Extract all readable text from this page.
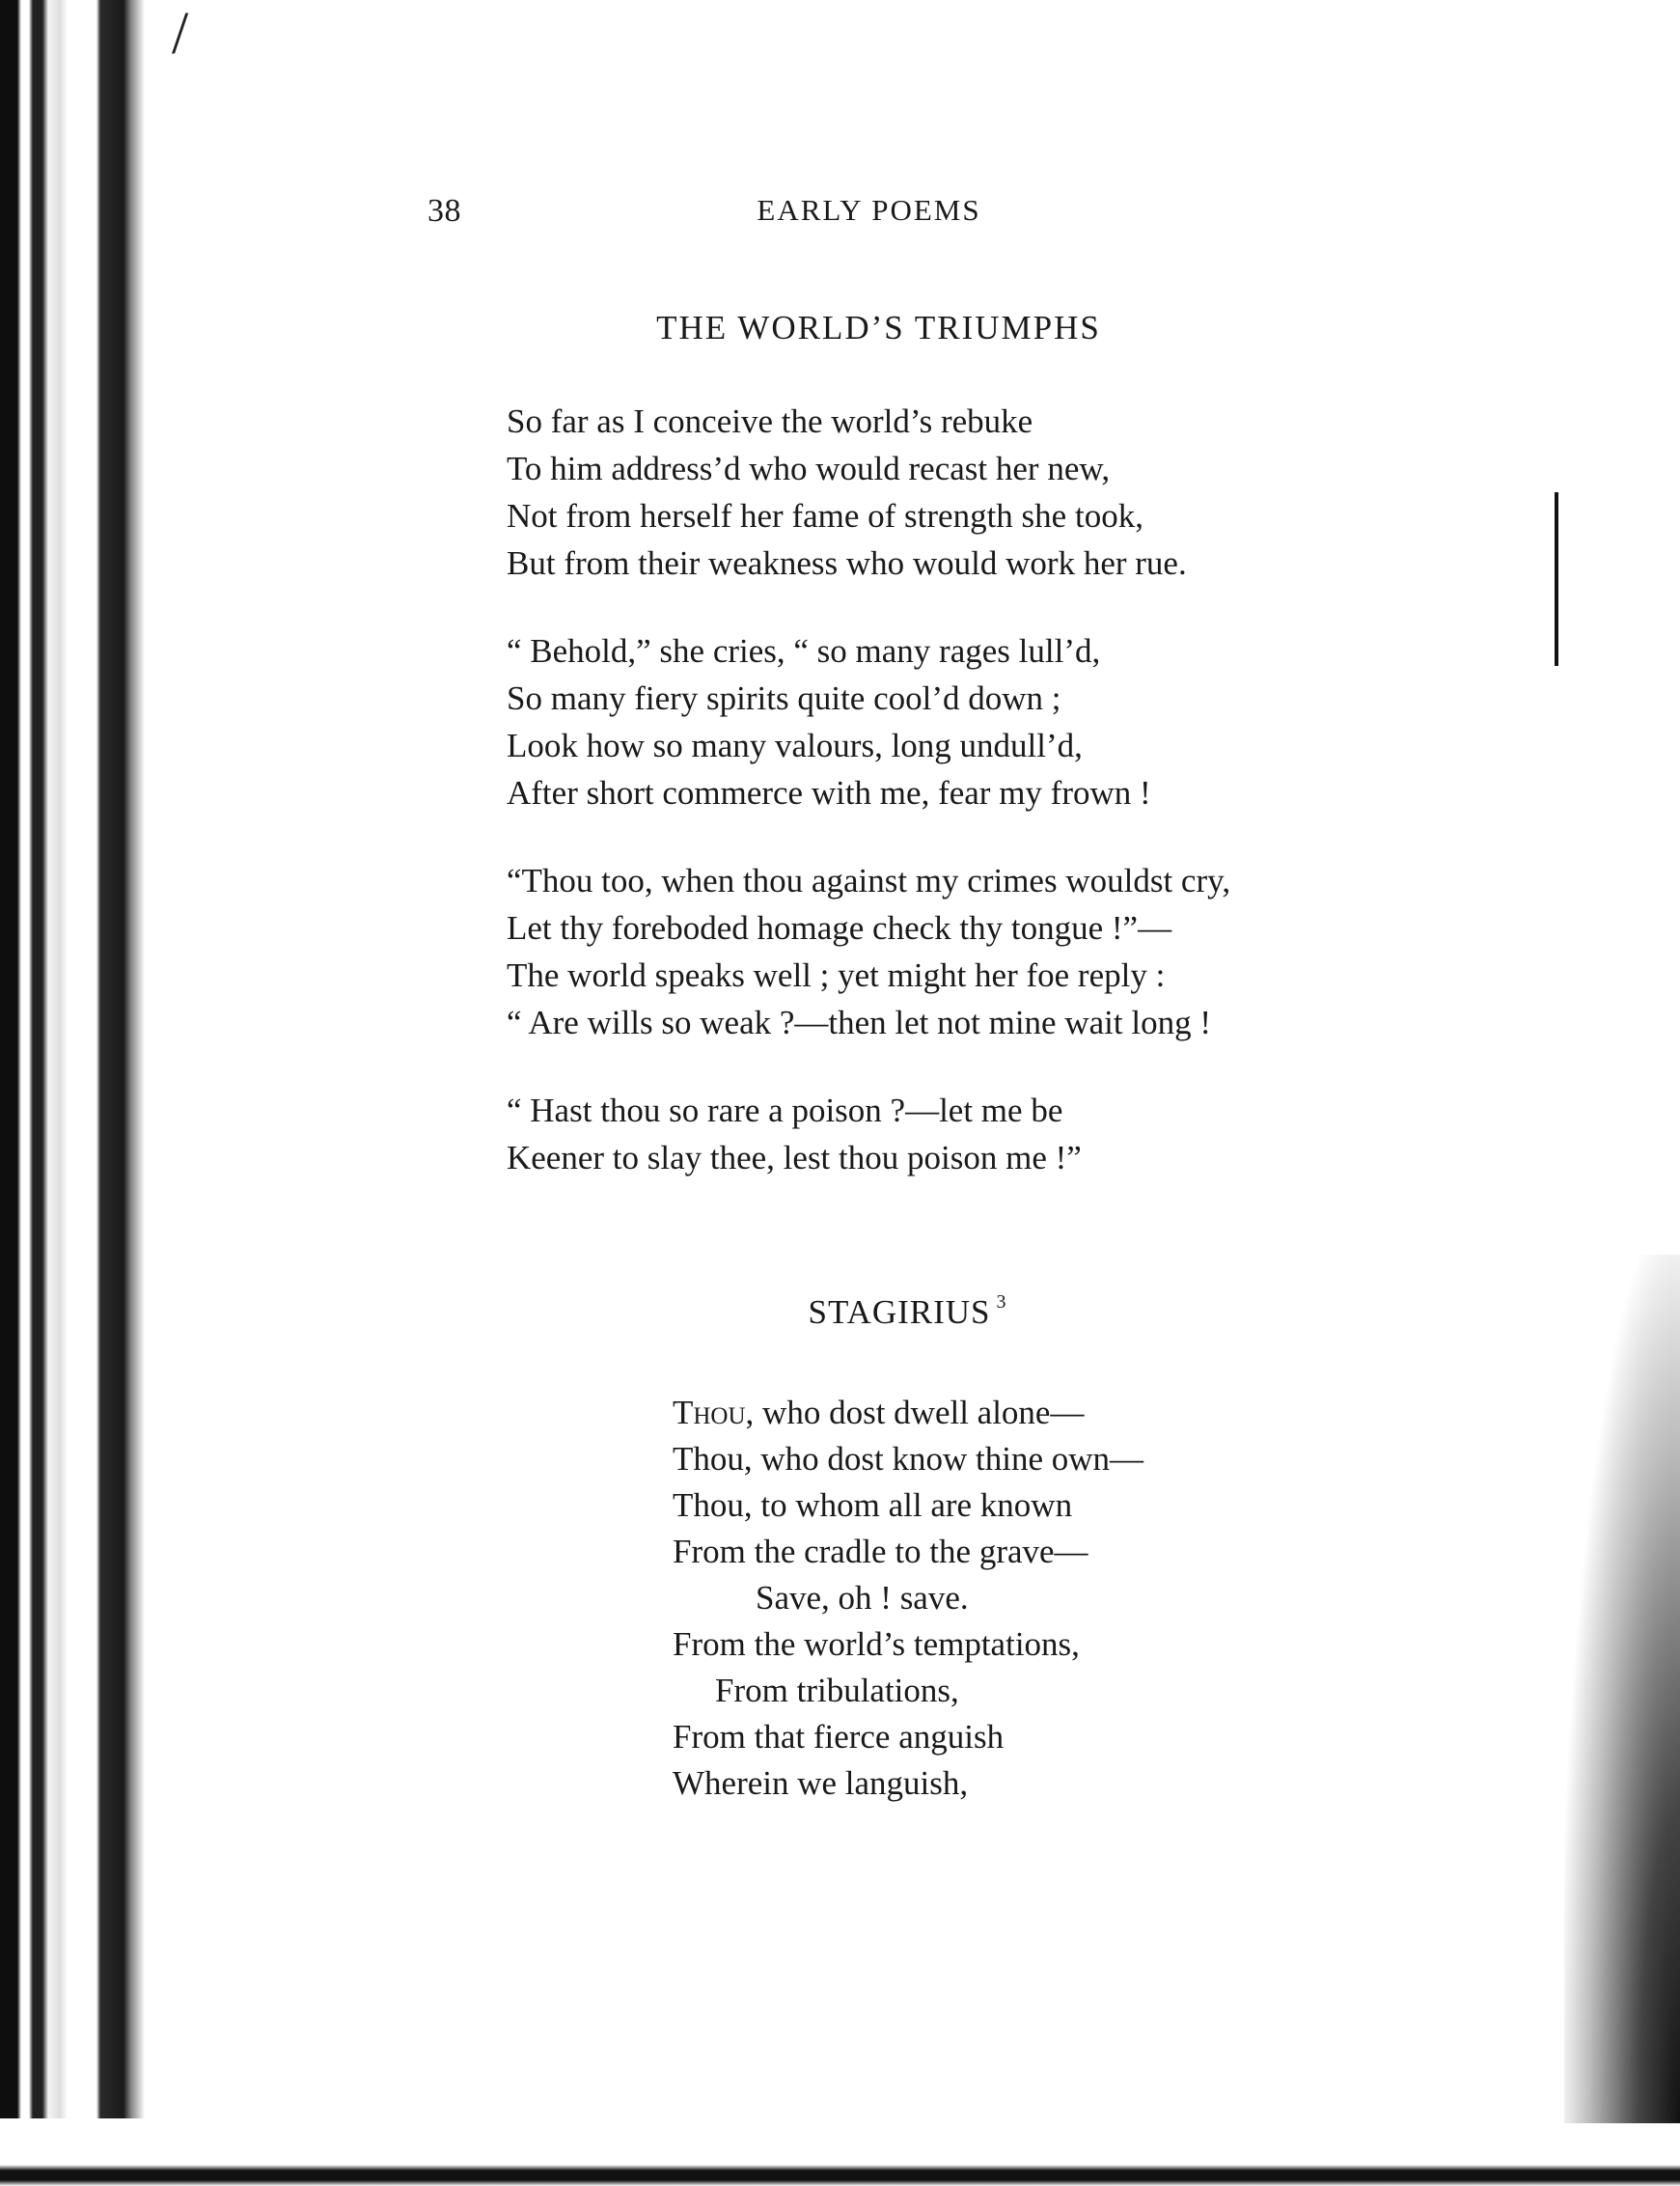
/
38	EARLY POEMS
THE WORLD’S TRIUMPHS
So far as I conceive the world’s rebuke
To him address’d who would recast her new,
Not from herself her fame of strength she took,
But from their weakness who would work her rue.
“ Behold,” she cries, “ so many rages lull’d,
So many fiery spirits quite cool’d down ;
Look how so many valours, long undull’d,
After short commerce with me, fear my frown !
“Thou too, when thou against my crimes wouldst cry,
Let thy foreboded homage check thy tongue !”—
The world speaks well ; yet might her foe reply :
“ Are wills so weak ?—then let not mine wait long !
“ Hast thou so rare a poison ?—let me be
Keener to slay thee, lest thou poison me !”
STAGIRIUS $^3$
Thou, who dost dwell alone—
Thou, who dost know thine own—
Thou, to whom all are known
From the cradle to the grave—
Save, oh ! save.
From the world’s temptations,
From tribulations,
From that fierce anguish
Wherein we languish,
